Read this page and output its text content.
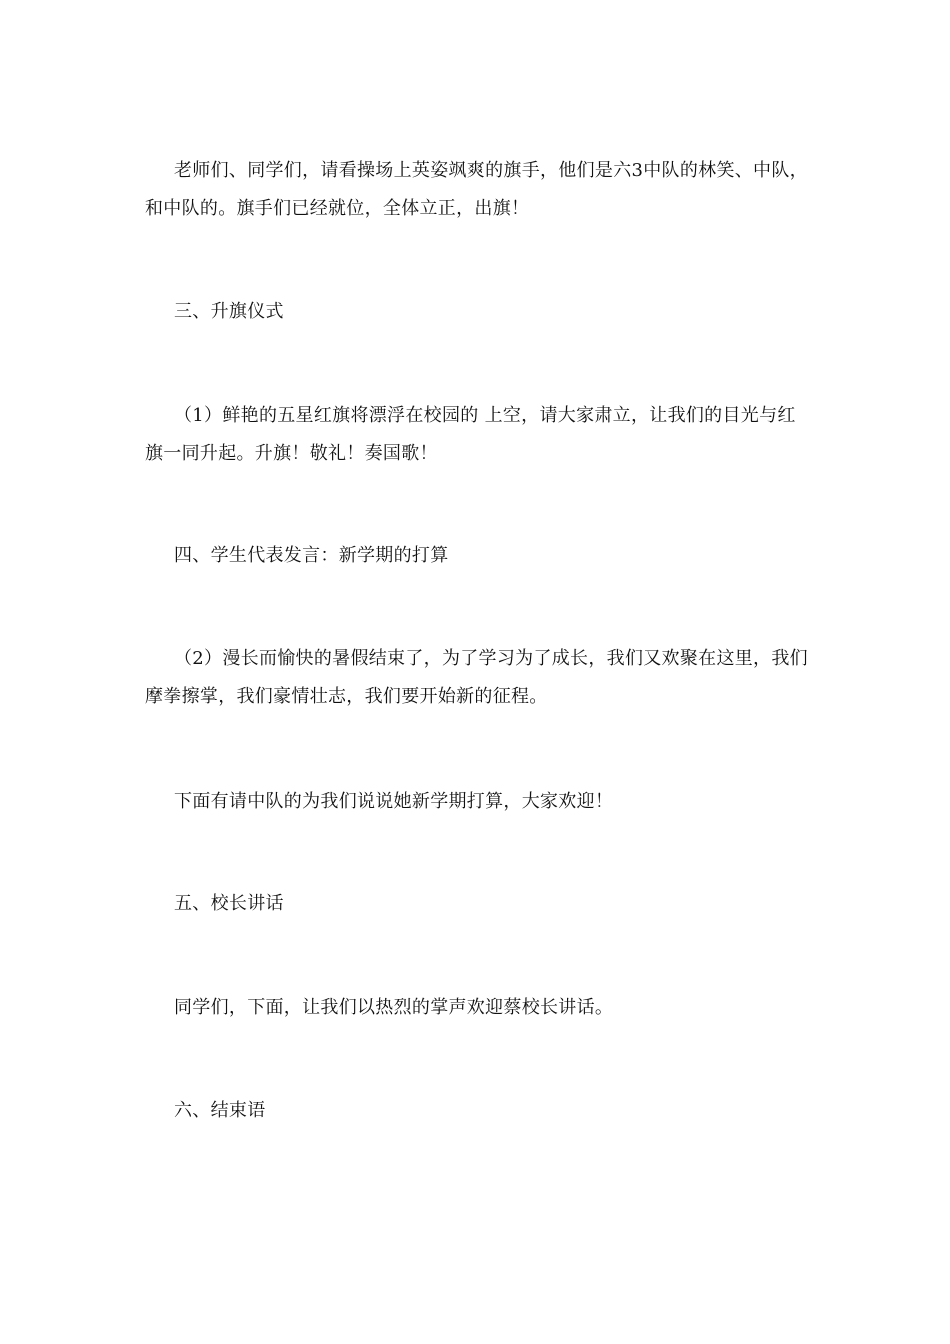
老师们、同学们，请看操场上英姿飒爽的旗手，他们是六3中队的林笑、中队，和中队的。旗手们已经就位，全体立正，出旗！

三、升旗仪式

（1）鲜艳的五星红旗将漂浮在校园的 上空，请大家肃立，让我们的目光与红旗一同升起。升旗！敬礼！奏国歌！

四、学生代表发言：新学期的打算

（2）漫长而愉快的暑假结束了，为了学习为了成长，我们又欢聚在这里，我们摩拳擦掌，我们豪情壮志，我们要开始新的征程。

下面有请中队的为我们说说她新学期打算，大家欢迎！

五、校长讲话

同学们，下面，让我们以热烈的掌声欢迎蔡校长讲话。

六、结束语
